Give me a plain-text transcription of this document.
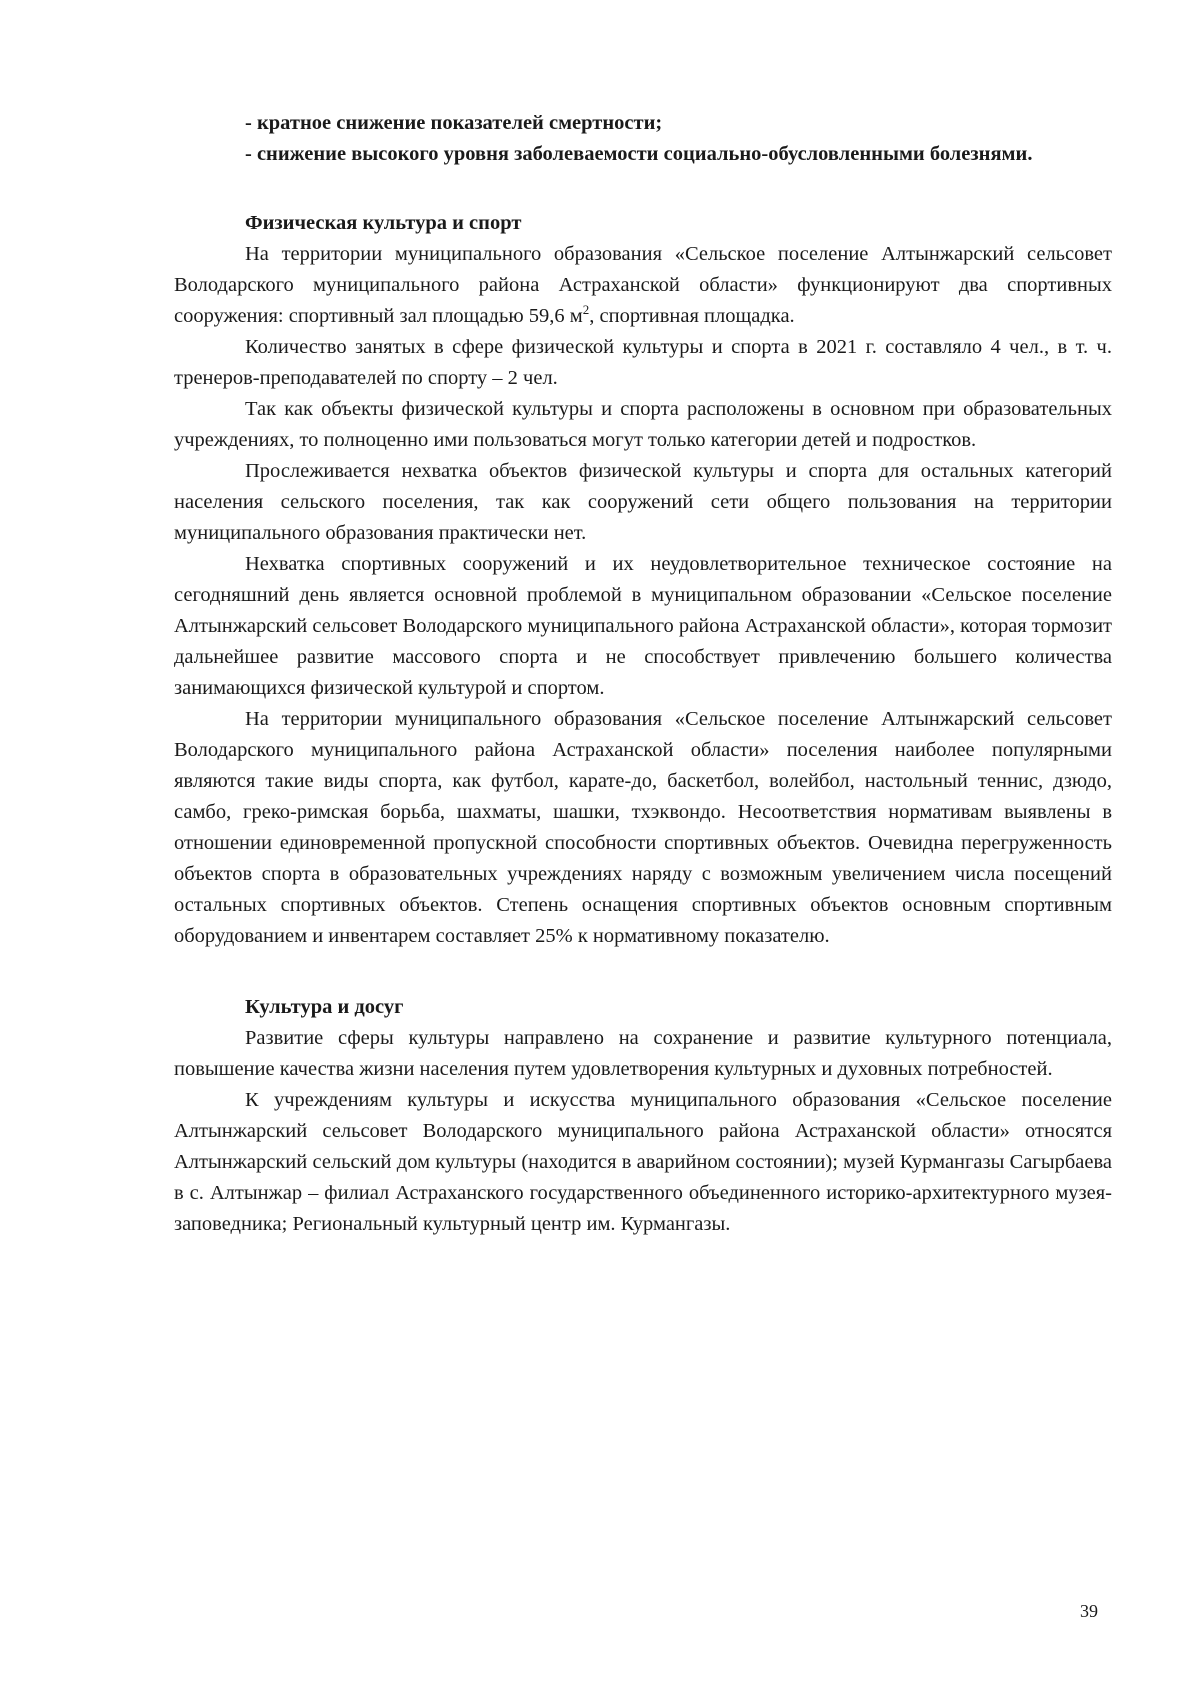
- кратное снижение показателей смертности;

- снижение высокого уровня заболеваемости социально-обусловленными болезнями.

Физическая культура и спорт

На территории муниципального образования «Сельское поселение Алтынжарский сельсовет Володарского муниципального района Астраханской области» функционируют два спортивных сооружения: спортивный зал площадью 59,6 $м^2$, спортивная площадка.

Количество занятых в сфере физической культуры и спорта в 2021 г. составляло 4 чел., в т. ч. тренеров-преподавателей по спорту – 2 чел.

Так как объекты физической культуры и спорта расположены в основном при образовательных учреждениях, то полноценно ими пользоваться могут только категории детей и подростков.

Прослеживается нехватка объектов физической культуры и спорта для остальных категорий населения сельского поселения, так как сооружений сети общего пользования на территории муниципального образования практически нет.

Нехватка спортивных сооружений и их неудовлетворительное техническое состояние на сегодняшний день является основной проблемой в муниципальном образовании «Сельское поселение Алтынжарский сельсовет Володарского муниципального района Астраханской области», которая тормозит дальнейшее развитие массового спорта и не способствует привлечению большего количества занимающихся физической культурой и спортом.

На территории муниципального образования «Сельское поселение Алтынжарский сельсовет Володарского муниципального района Астраханской области» поселения наиболее популярными являются такие виды спорта, как футбол, карате-до, баскетбол, волейбол, настольный теннис, дзюдо, самбо, греко-римская борьба, шахматы, шашки, тхэквондо. Несоответствия нормативам выявлены в отношении единовременной пропускной способности спортивных объектов. Очевидна перегруженность объектов спорта в образовательных учреждениях наряду с возможным увеличением числа посещений остальных спортивных объектов. Степень оснащения спортивных объектов основным спортивным оборудованием и инвентарем составляет 25% к нормативному показателю.

Культура и досуг

Развитие сферы культуры направлено на сохранение и развитие культурного потенциала, повышение качества жизни населения путем удовлетворения культурных и духовных потребностей.

К учреждениям культуры и искусства муниципального образования «Сельское поселение Алтынжарский сельсовет Володарского муниципального района Астраханской области» относятся Алтынжарский сельский дом культуры (находится в аварийном состоянии); музей Курмангазы Сагырбаева в с. Алтынжар – филиал Астраханского государственного объединенного историко-архитектурного музея-заповедника; Региональный культурный центр им. Курмангазы.

39
